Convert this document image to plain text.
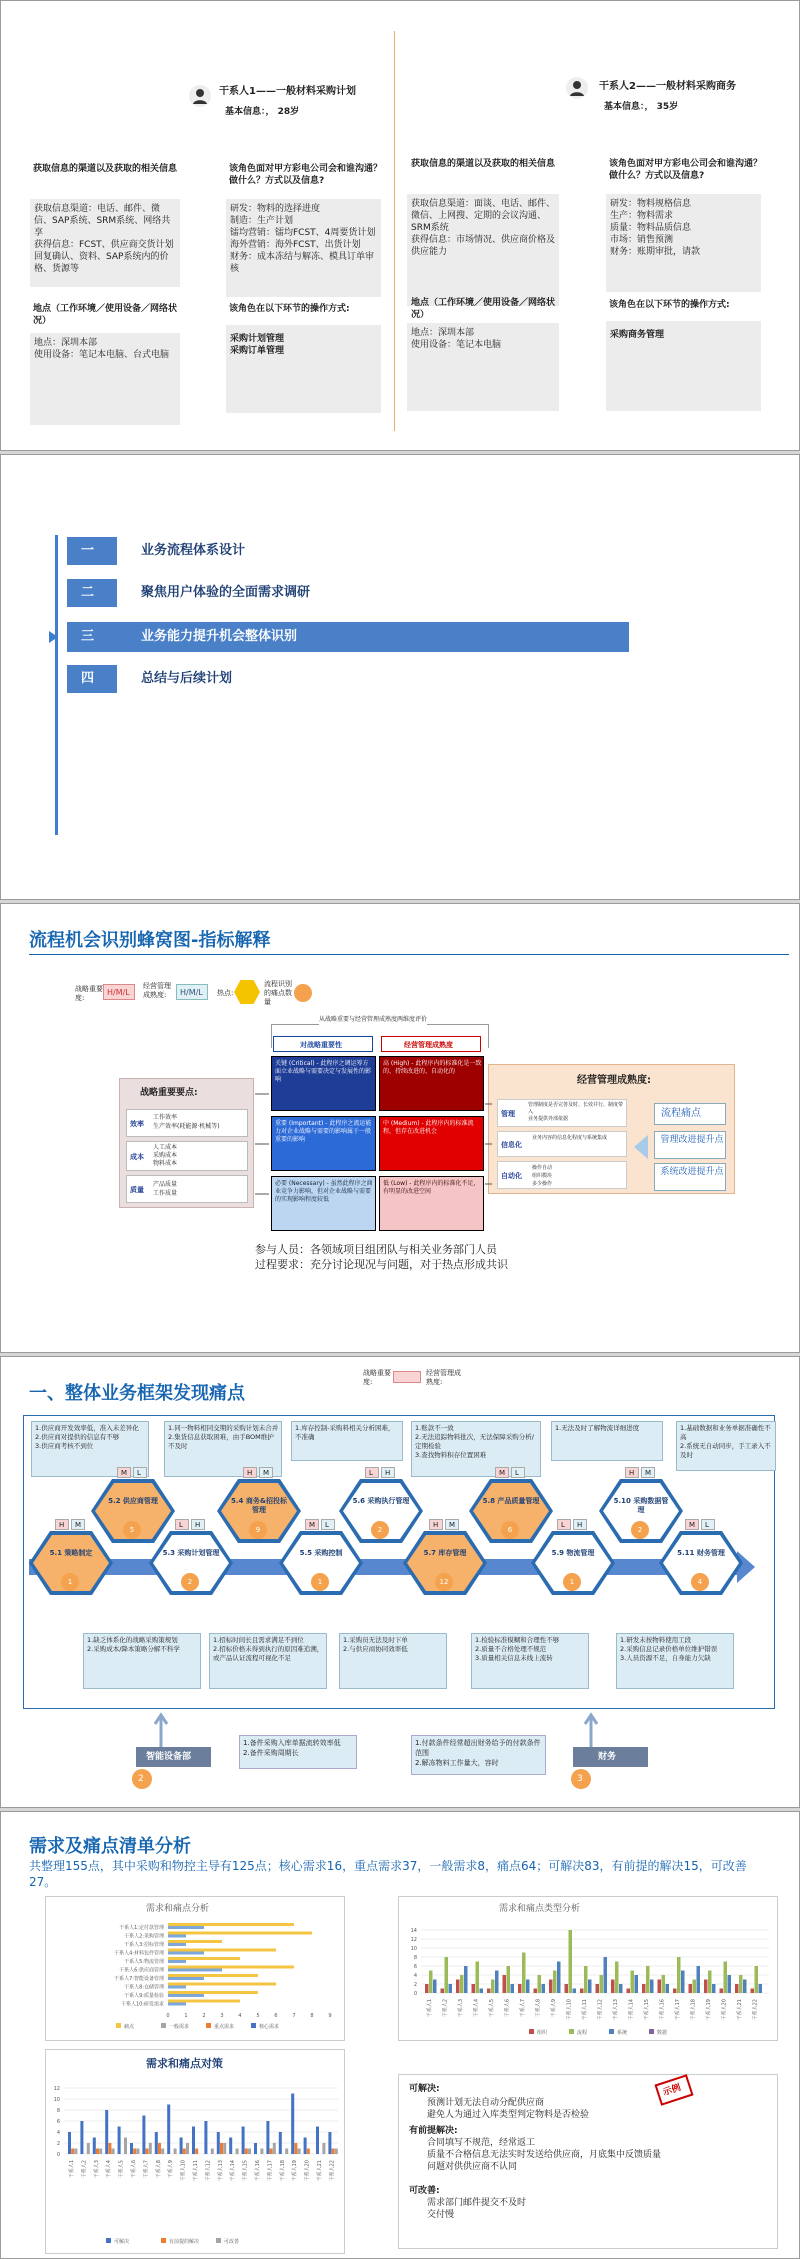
干系人1——一般材料采购计划
基本信息：， 28岁
获取信息的渠道以及获取的相关信息
获取信息渠道：电话、邮件、微信、SAP系统、SRM系统、网络共享
获得信息：FCST、供应商交货计划回复确认、资料、SAP系统内的价格、货源等
该角色面对甲方彩电公司会和谁沟通？做什么？方式以及信息?
研发：物料的选择进度
制造：生产计划
镭均营销：镭均FCST、4周要货计划
海外营销：海外FCST、出货计划
财务：成本冻结与解冻、模具订单审核
地点（工作环境／使用设备／网络状况）
地点：深圳本部
使用设备：笔记本电脑、台式电脑
该角色在以下环节的操作方式:
采购计划管理
采购订单管理
干系人2——一般材料采购商务
基本信息：， 35岁
获取信息的渠道以及获取的相关信息
获取信息渠道：面谈、电话、邮件、微信、上网搜、定期的会议沟通、SRM系统
获得信息：市场情况、供应商价格及供应能力
该角色面对甲方彩电公司会和谁沟通？做什么？方式以及信息?
研发：物料规格信息
生产：物料需求
质量：物料品质信息
市场：销售预测
财务：账期审批，请款
地点（工作环境／使用设备／网络状况）
地点：深圳本部
使用设备：笔记本电脑
该角色在以下环节的操作方式:
采购商务管理
一	业务流程体系设计
二	聚焦用户体验的全面需求调研
三	业务能力提升机会整体识别
四	总结与后续计划
流程机会识别蜂窝图-指标解释
战略重要度:
H/M/L
经营管理成熟度:	H/M/L 热点:
流程识别的痛点数量
从战略重要与经营管理成熟度两维度评价
对战略重要性	经营管理成熟度
关键 (Critical) - 此程序之调运筹方面立业战略与需要决定与发展性的影响
重要 (Important) - 此程序之流运能力对企业战略与需要的影响属于一般重要的影响
必要 (Necessary) - 虽然此程序之商业竞争力影响，但对企业战略与需要的实现影响程度较低
高 (High) - 此程序内的标准化是一致的、持续改进的、自动化的
中 (Medium) - 此程序内的标准流程，但存在改进机会
低 (Low) - 此程序内的标准化不足，有明显的改进空间
战略重要要点:
效率
工作效率
生产效率(耗能源·机械等)
成本
人工成本
采购成本
物料成本
质量
产品质量
工作质量
经营管理成熟度:
管理
管理制度是否完善及时、长效并行、制度带入
业务提供外部依据
信息化
业务内容的信息化程度与系统集成
自动化
操作自动
组织模块
多少操作
流程痛点
管理改进提升点
系统改进提升点
参与人员：各领域项目组团队与相关业务部门人员
过程要求：充分讨论现况与问题，对于热点形成共识
一、整体业务框架发现痛点
战略重要度:
经营管理成熟度:
1.供应商开发效率低，准入未差异化
2.供应商对提供的信息有不够
3.供应商考核不到位
1.同一物料相同交期的采购计划未合并
2.集货信息获取困难，由手BOM维护不及时
1.库存控制-采购料相关分析困难，不准确
1.账款不一致
2.无法追踪物料批次，无法保障采购分析/定期检验
3.查找物料积存位置困难
1.无法及时了解物流详细进度	1.基础数据和业务单据准确性不高
2.系统无自动同步，手工录入不及时
1.缺乏体系化的战略采购策规划
2.采购成本/降本策略分解不科学
1.招标时间长且需求满足不到位
2.招标价格未得到执行的原因难追溯，或产品认证流程可视化不足
1.采购员无法及时下单
2.与供应商协同效率低
1.检验标准模糊和合理性不够
2.质量不合格处理不规范
3.质量相关信息未线上流转
1.研发未按物料使用工段
2.采购信息记录价格单位维护错误
3.人员资源不足，自身能力欠缺
5.1 策略制定
1
H M
5.2 供应商管理
5
M L
5.3 采购计划管理
2
L H
5.4 商务&招投标管理
9
H M
5.5 采购控制
1
M L
5.6 采购执行管理
2
L H
5.7 库存管理
12
H M
5.8 产品质量管理
6
M L
5.9 物流管理
1
L H
5.10 采购数据管理
2
H M
5.11 财务管理
4
M L
智能设备部
2
1.备件采购入库单据流转效率低
2.备件采购周期长	财务
3
1.付款条件经常超出财务给予的付款条件范围
2.解冻物料工作量大，容时
需求及痛点清单分析
共整理155点，其中采购和物控主导有125点；核心需求16，重点需求37，一般需求8，痛点64；可解决83，有前提的解决15，可改善27。
需求和痛点分析
干系人1:定付款管理
干系人2:采购管理
干系人3:招标管理
干系人4:材料包件管理
干系人5:物流管理
干系人6:供应商管理
干系人7:智能设备管理
干系人8:仓储管理
干系人9:质量检验
干系人10:研发需求
0	1	2	3	4	5	6	7	8	9
痛点	一般需求	重点需求	核心需求
需求和痛点类型分析
0
2
4
6
8
10
12
14
干系人1 干系人2 干系人3 干系人4 干系人5 干系人6 干系人7 干系人8 干系人9 干系人10 干系人11 干系人12 干系人13 干系人14 干系人15 干系人16 干系人17 干系人18 干系人19 干系人20 干系人21 干系人22
组织	流程	系统	数据
需求和痛点对策
0
2
4
6
8
10
12
干系人1 干系人2 干系人3 干系人4 干系人5 干系人6 干系人7 干系人8 干系人9 干系人10 干系人11 干系人12 干系人13 干系人14 干系人15 干系人16 干系人17 干系人18 干系人19 干系人20 干系人21 干系人22
可解决	有前提的解决	可改善
可解决:
预测计划无法自动分配供应商
避免人为通过入库类型判定物料是否检验
有前提解决:
合同填写不规范，经常返工
质量不合格信息无法实时发送给供应商，月底集中反馈质量问题对供供应商不认同
可改善:
需求部门邮件提交不及时
交付慢
示例
